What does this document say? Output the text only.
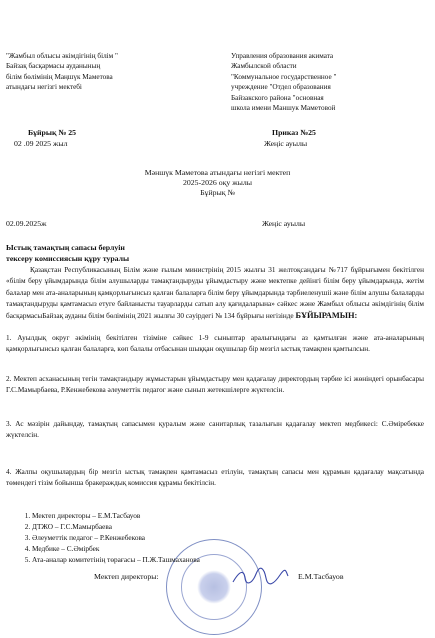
"Жамбыл облысы әкімдігінің білім "
Байзақ басқармасы ауданының
білім бөлімінің Маңшүк Маметова
атындағы негізгі мектебі
Управления образования акимата
Жамбылской области
"Коммунальное государственное "
учреждение "Отдел образования
Байзакского района "основная
школа имени Маншук Маметовой
Бұйрық № 25
02 .09 2025 жыл
Приказ №25
Жеңіс ауылы
Мәншүк Маметова атындағы негізгі мектеп
2025-2026 оқу жылы
Бұйрық №
02.09.2025ж	Жеңіс ауылы
Ыстық тамақтың сапасы берлуін
тексеру комиссиясын құру туралы
Қазақстан Республикасының Білім және ғылым министрінің 2015 жылғы 31 желтоқсандағы №717 бұйрығымен бекітілген «білім беру ұйымдарында білім алушыларды тамақтандыруды ұйымдастыру және мектепке дейінгі білім беру ұйымдарында, жетім балалар мен ата-аналарының қамқорлығынсыз қалған балаларға білім беру ұйымдарында тәрбиеленушіі және білім алушы балаларды тамақтандыруды қамтамасыз етуге байланысты тауарларды сатып алу қағидаларына» сәйкес және Жамбыл облысы әкімдігінің білім басқармасыБайзақ ауданы білім бөлімінің 2021 жылғы 30 сәуірдегі № 134 бұйрығы негізінде БҰЙЫРАМЫН:
1. Ауылдық округ әкімінің бекітілген тізіміне сәйкес 1-9 сыныптар аралығындағы аз қамтылған және ата-аналарының қамқорлығынсыз қалған балаларға, көп балалы отбасынан шыққан оқушылар бір мезгіл ыстық тамақпен қамтылсын.
2. Мектеп асханасының тегін тамақтандыру жұмыстарын ұйымдастыру мен қадағалау директордың тәрбие ісі жөніндегі орынбасары Г.С.Мамырбаева, Р.Кенжебекова әлеуметтік педагог және сынып жетекшілерге жүктелсін.
3. Ас мәзірін дайындау, тамақтың сапасымен қуралым және санитарлық тазалығын қадағалау мектеп медбикесі: С.Әміребекке жүктелсін.
4. Жалпы оқушылардың бір мезгіл ыстық тамақпен қамтамасыз етілуін, тамақтың сапасы мен құрамын қадағалау мақсатында төмендегі тізім бойынша бракераждық комиссия құрамы бекітілсін.
1. Мектеп директоры – Е.М.Тасбауов
2. ДТЖО – Г.С.Мамырбаева
3. Әлеуметтік педагог – Р.Кенжебекова
4. Медбике – С.Әмірбек
5. Ата-аналар комитетінің төрағасы – П.Ж.Ташмаханова
Мектеп директоры:	Е.М.Тасбауов
